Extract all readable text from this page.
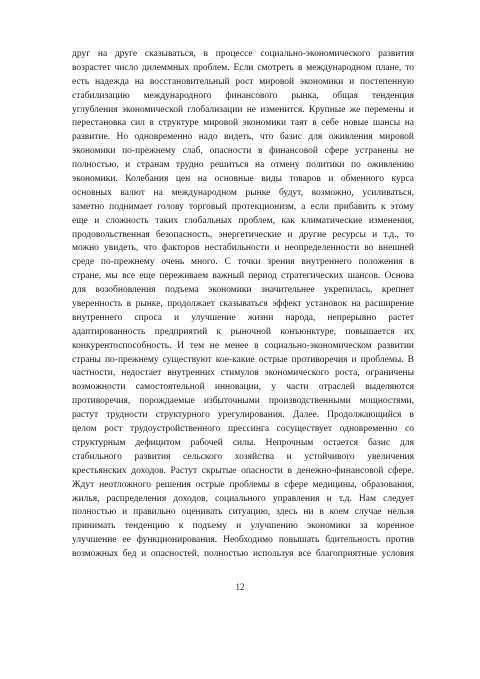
друг на друге сказываться, в процессе социально-экономического развития
возрастет число дилеммных проблем. Если смотреть в международном плане, то
есть надежда на восстановительный рост мировой экономики и постепенную
стабилизацию международного финансового рынка, общая тенденция
углубления экономической глобализации не изменится. Крупные же перемены и
перестановка сил в структуре мировой экономики таят в себе новые шансы на
развитие. Но одновременно надо видеть, что базис для оживления мировой
экономики по-прежнему слаб, опасности в финансовой сфере устранены не
полностью, и странам трудно решиться на отмену политики по оживлению
экономики. Колебания цен на основные виды товаров и обменного курса
основных валют на международном рынке будут, возможно, усиливаться,
заметно поднимает голову торговый протекционизм, а если прибавить к этому
еще и сложность таких глобальных проблем, как климатические изменения,
продовольственная безопасность, энергетические и другие ресурсы и т.д., то
можно увидеть, что факторов нестабильности и неопределенности во внешней
среде по-прежнему очень много. С точки зрения внутреннего положения в
стране, мы все еще переживаем важный период стратегических шансов. Основа
для возобновления подъема экономики значительнее укрепилась, крепнет
уверенность в рынке, продолжает сказываться эффект установок на расширение
внутреннего спроса и улучшение жизни народа, непрерывно растет
адаптированность предприятий к рыночной конъюнктуре, повышается их
конкурентоспособность. И тем не менее в социально-экономическом развитии
страны по-прежнему существуют кое-какие острые противоречия и проблемы. В
частности, недостает внутренних стимулов экономического роста, ограничены
возможности самостоятельной инновации, у части отраслей выделяются
противоречия, порождаемые избыточными производственными мощностями,
растут трудности структурного урегулирования. Далее. Продолжающийся в
целом рост трудоустройственного прессинга сосуществует одновременно со
структурным дефицитом рабочей силы. Непрочным остается базис для
стабильного развития сельского хозяйства и устойчивого увеличения
крестьянских доходов. Растут скрытые опасности в денежно-финансовой сфере.
Ждут неотложного решения острые проблемы в сфере медицины, образования,
жилья, распределения доходов, социального управления и т.д. Нам следует
полностью и правильно оценивать ситуацию, здесь ни в коем случае нельзя
принимать тенденцию к подъему и улучшению экономики за коренное
улучшение ее функционирования. Необходимо повышать бдительность против
возможных бед и опасностей, полностью используя все благоприятные условия
12
